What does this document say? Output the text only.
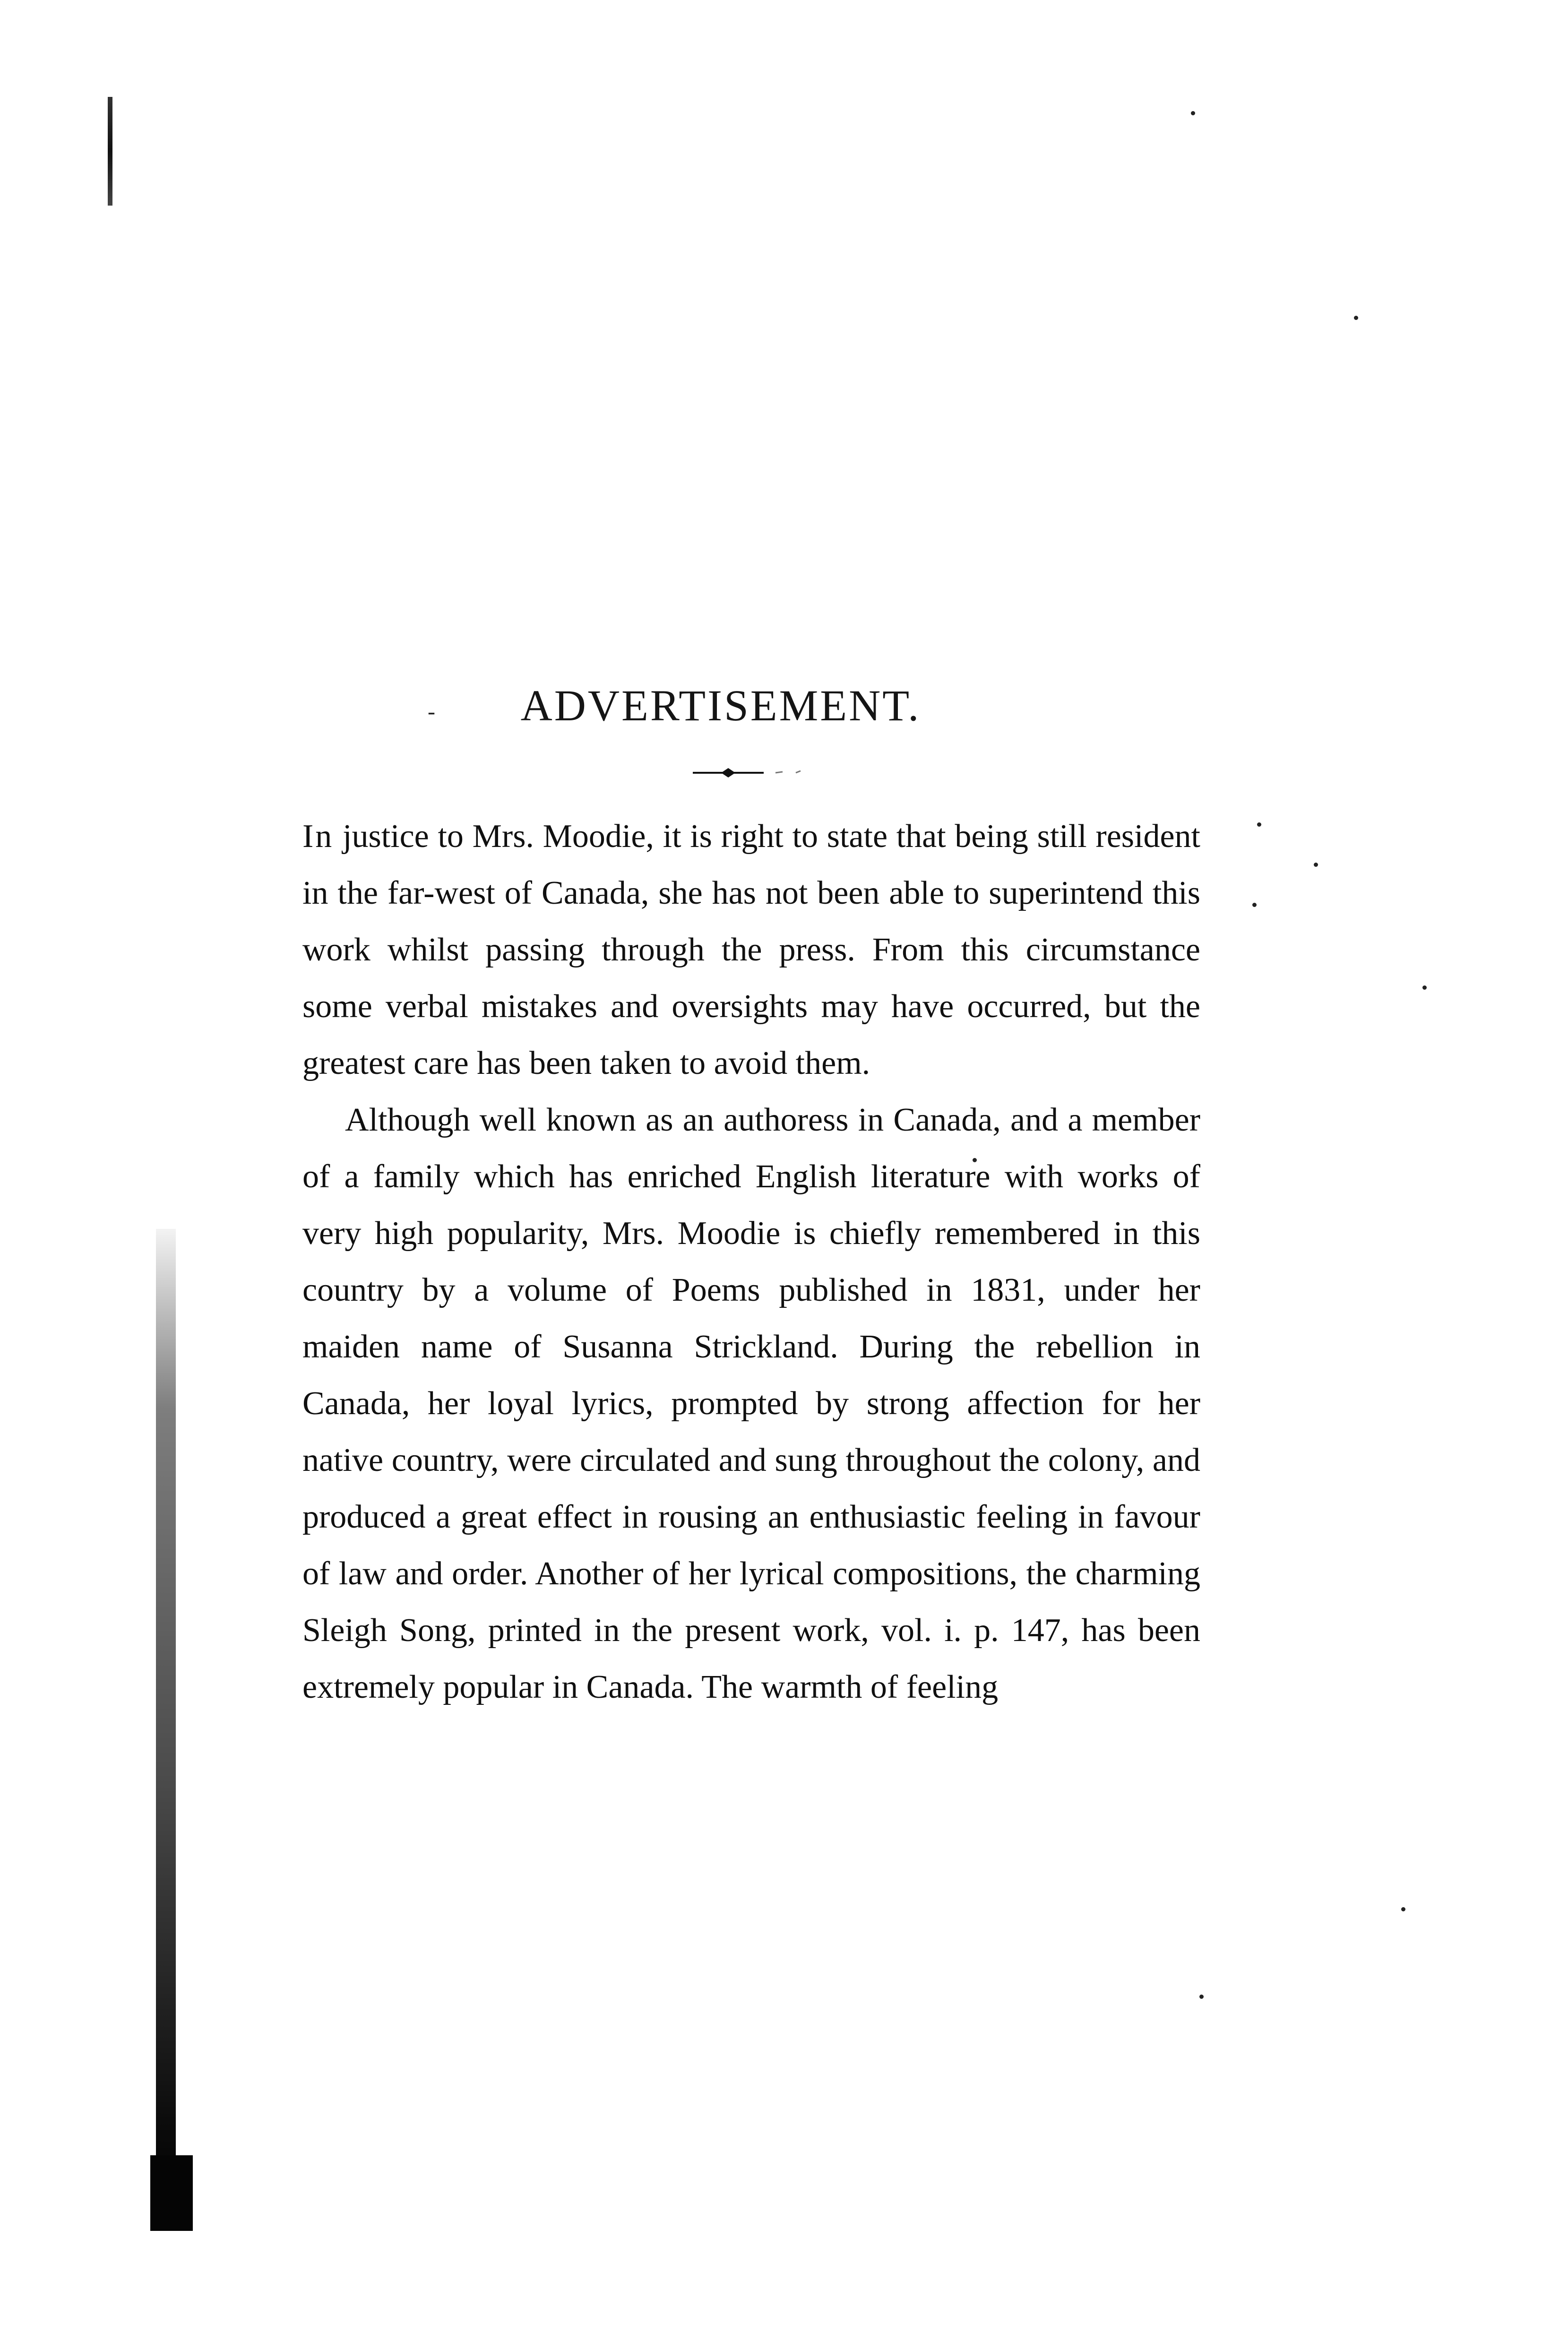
‑	ADVERTISEMENT.

In justice to Mrs. Moodie, it is right to state that being still resident in the far-west of Canada, she has not been able to superintend this work whilst passing through the press. From this circumstance some verbal mistakes and oversights may have occurred, but the greatest care has been taken to avoid them.

Although well known as an authoress in Canada, and a member of a family which has enriched English literature with works of very high popularity, Mrs. Moodie is chiefly remembered in this country by a volume of Poems published in 1831, under her maiden name of Susanna Strickland. During the rebellion in Canada, her loyal lyrics, prompted by strong affection for her native country, were circulated and sung throughout the colony, and produced a great effect in rousing an enthusiastic feeling in favour of law and order. Another of her lyrical compositions, the charming Sleigh Song, printed in the present work, vol. i. p. 147, has been extremely popular in Canada. The warmth of feeling
